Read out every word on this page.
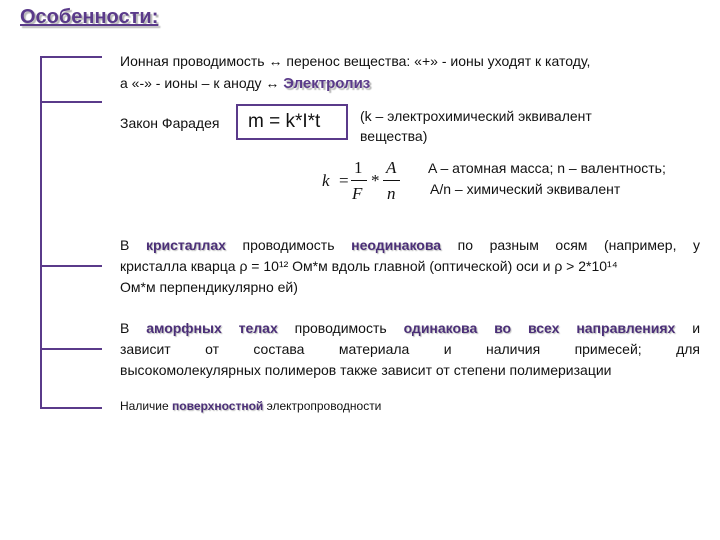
Особенности:
Ионная проводимость ↔ перенос вещества: «+» - ионы уходят к катоду,
а «-» - ионы – к аноду ↔ Электролиз
Закон Фарадея	m = k*I*t	(k – электрохимический эквивалент
вещества)
k =
1
F
*
A
n
A – атомная масса; n – валентность;
A/n – химический эквивалент
В кристаллах проводимость неодинакова по разным осям (например, у
кристалла кварца ρ = 10¹² Ом*м вдоль главной (оптической) оси и ρ > 2*10¹⁴
Ом*м перпендикулярно ей)
В аморфных телах проводимость одинакова во всех направлениях и
зависит от состава материала и наличия примесей; для
высокомолекулярных полимеров также зависит от степени полимеризации
Наличие поверхностной электропроводности
